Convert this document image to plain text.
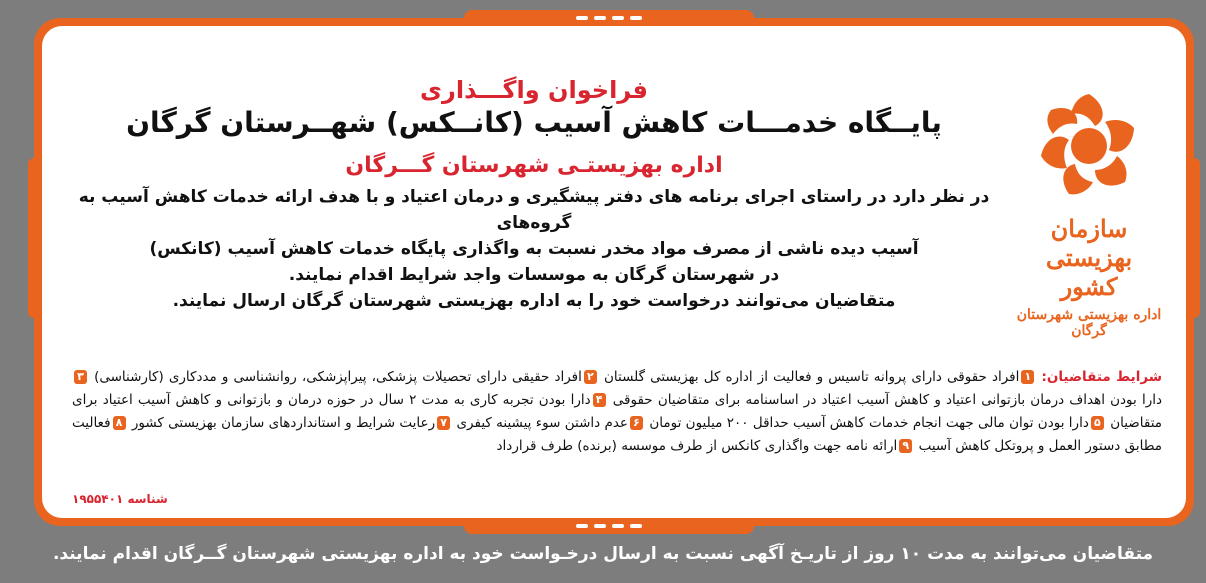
سازمان بهزیستی کشور
اداره بهزیستی شهرستان گرگان
فراخوان واگـــذاری
پایــگاه خدمـــات کاهش آسیب (کانــکس) شهــرستان گرگان
اداره بهزیستـی شهرستان گـــرگان

در نظر دارد در راستای اجرای برنامه های دفتر پیشگیری و درمان اعتیاد و با هدف ارائه خدمات کاهش آسیب به گروه‌های

آسیب دیده ناشی از مصرف مواد مخدر نسبت به واگذاری پایگاه خدمات کاهش آسیب (کانکس)

در شهرستان گرگان به موسسات واجد شرایط اقدام نمایند.

متقاضیان می‌توانند درخواست خود را به اداره بهزیستی شهرستان گرگان ارسال نمایند.

شرایط متقاضیان: ۱افراد حقوقی دارای پروانه تاسیس و فعالیت از اداره کل بهزیستی گلستان ۲افراد حقیقی دارای تحصیلات پزشکی، پیراپزشکی، روانشناسی و مددکاری (کارشناسی) ۳دارا بودن اهداف درمان بازتوانی اعتیاد و کاهش آسیب اعتیاد در اساسنامه برای متقاضیان حقوقی ۴دارا بودن تجربه کاری به مدت ۲ سال در حوزه درمان و بازتوانی و کاهش آسیب اعتیاد برای متقاضیان ۵دارا بودن توان مالی جهت انجام خدمات کاهش آسیب حداقل ۲۰۰ میلیون تومان ۶عدم داشتن سوء پیشینه کیفری ۷رعایت شرایط و استانداردهای سازمان بهزیستی کشور ۸فعالیت مطابق دستور العمل و پروتکل کاهش آسیب ۹ارائه نامه جهت واگذاری کانکس از طرف موسسه (برنده) طرف قرارداد
شناسه ۱۹۵۵۴۰۱
متقاضیان می‌توانند به مدت ۱۰ روز از تاریـخ آگهی نسبت به ارسال درخـواست خود به اداره بهزیستی شهرستان گــرگان اقدام نمایند.
